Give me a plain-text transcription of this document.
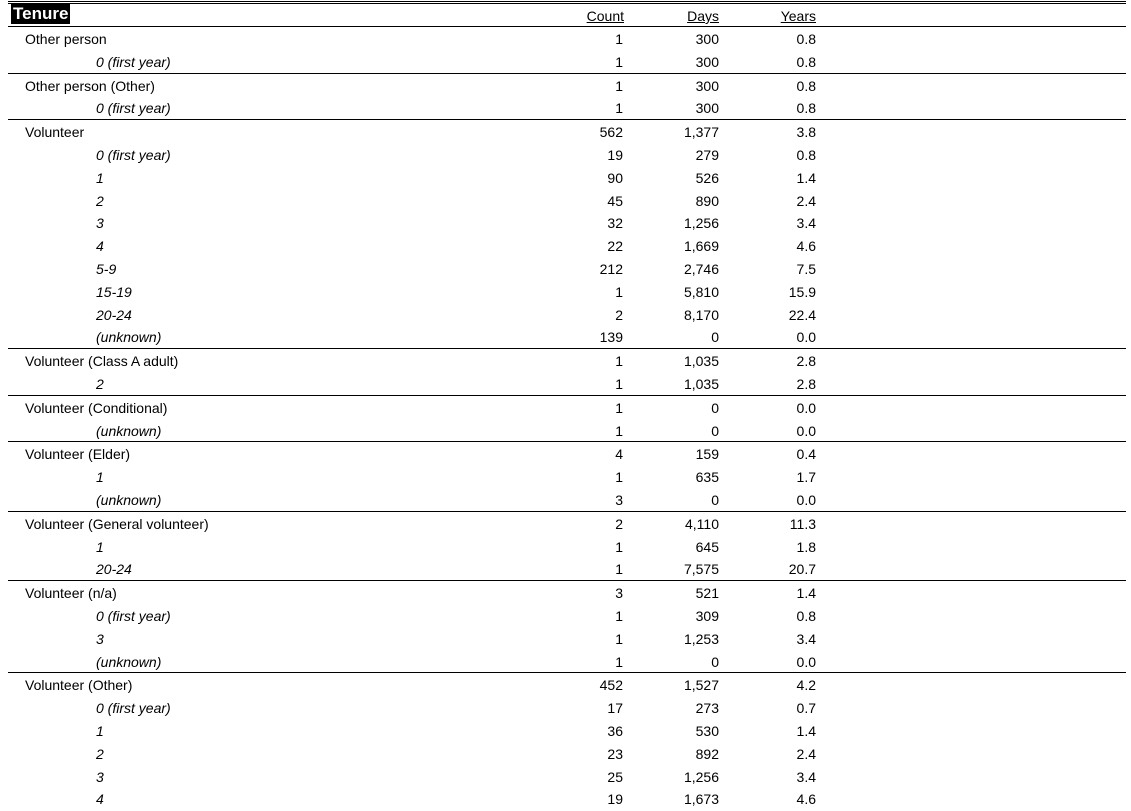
Tenure	Count	Days	Years
Other person	1	300	0.8
0 (first year)	1	300	0.8
Other person (Other)	1	300	0.8
0 (first year)	1	300	0.8
Volunteer	562	1,377	3.8
0 (first year)	19	279	0.8
1	90	526	1.4
2	45	890	2.4
3	32	1,256	3.4
4	22	1,669	4.6
5-9	212	2,746	7.5
15-19	1	5,810	15.9
20-24	2	8,170	22.4
(unknown)	139	0	0.0
Volunteer (Class A adult)	1	1,035	2.8
2	1	1,035	2.8
Volunteer (Conditional)	1	0	0.0
(unknown)	1	0	0.0
Volunteer (Elder)	4	159	0.4
1	1	635	1.7
(unknown)	3	0	0.0
Volunteer (General volunteer)	2	4,110	11.3
1	1	645	1.8
20-24	1	7,575	20.7
Volunteer (n/a)	3	521	1.4
0 (first year)	1	309	0.8
3	1	1,253	3.4
(unknown)	1	0	0.0
Volunteer (Other)	452	1,527	4.2
0 (first year)	17	273	0.7
1	36	530	1.4
2	23	892	2.4
3	25	1,256	3.4
4	19	1,673	4.6
